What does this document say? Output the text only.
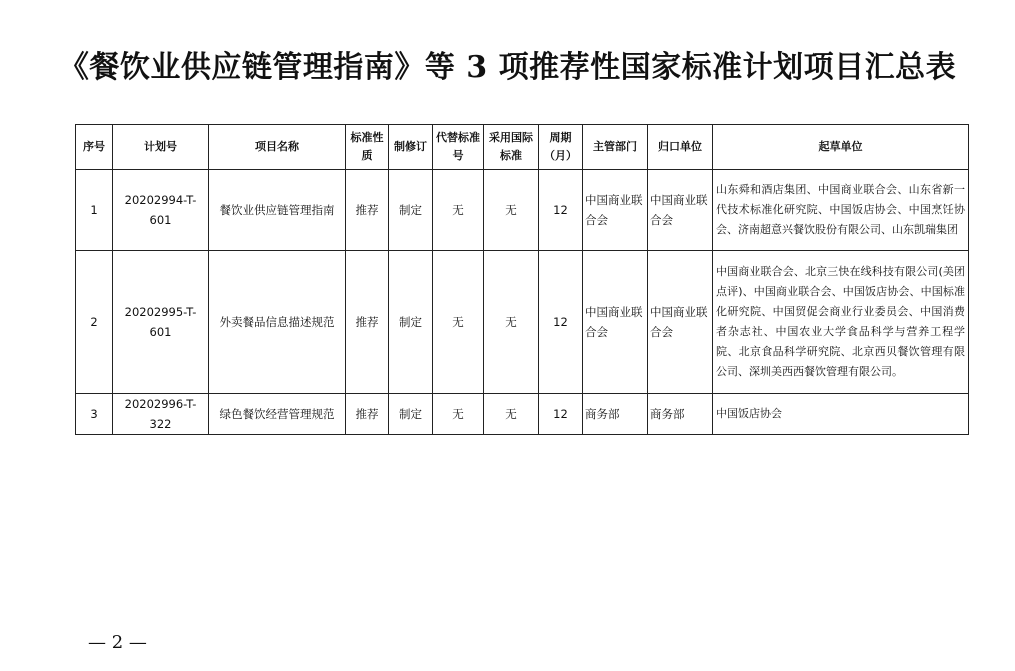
《餐饮业供应链管理指南》等 3 项推荐性国家标准计划项目汇总表
序号	计划号	项目名称	标准性质	制修订	代替标准号	采用国际标准	周期（月）	主管部门	归口单位	起草单位
1	20202994-T-601	餐饮业供应链管理指南	推荐	制定	无	无	12	中国商业联合会	中国商业联合会	山东舜和酒店集团、中国商业联合会、山东省新一代技术标准化研究院、中国饭店协会、中国烹饪协会、济南超意兴餐饮股份有限公司、山东凯瑞集团
2	20202995-T-601	外卖餐品信息描述规范	推荐	制定	无	无	12	中国商业联合会	中国商业联合会	中国商业联合会、北京三快在线科技有限公司(美团点评)、中国商业联合会、中国饭店协会、中国标准化研究院、中国贸促会商业行业委员会、中国消费者杂志社、中国农业大学食品科学与营养工程学院、北京食品科学研究院、北京西贝餐饮管理有限公司、深圳美西西餐饮管理有限公司。
3	20202996-T-322	绿色餐饮经营管理规范	推荐	制定	无	无	12	商务部	商务部	中国饭店协会
— 2 —
